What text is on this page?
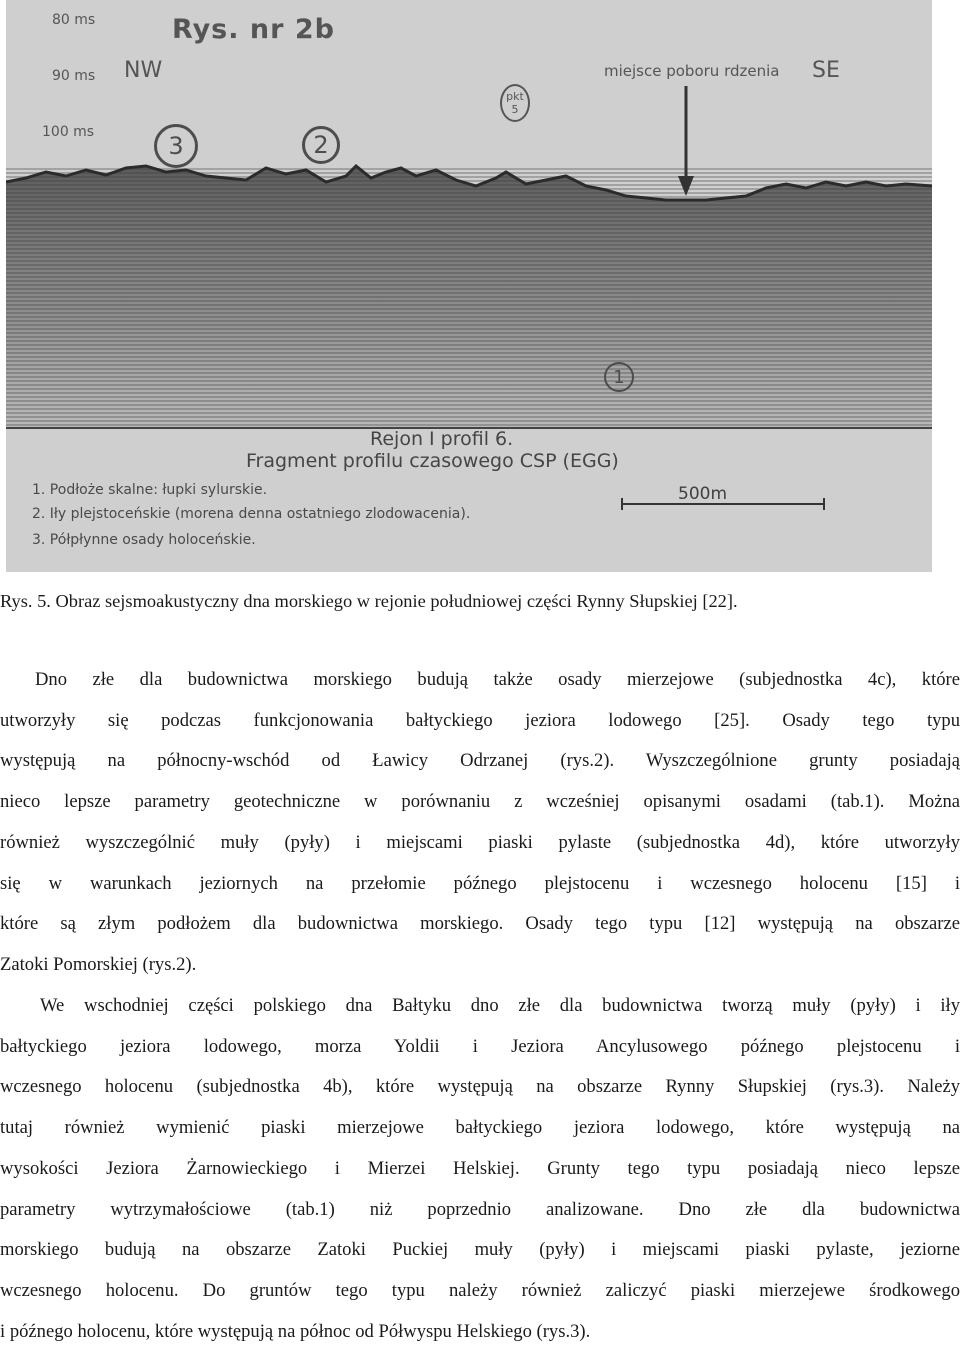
80 ms
90 ms
100 ms
Rys. nr 2b
NW	SE
miejsce poboru rdzenia
pkt
5
3	2
1
Rejon I profil 6.
Fragment profilu czasowego CSP (EGG)
500m
1. Podłoże skalne: łupki sylurskie.
2. Iły plejstoceńskie (morena denna ostatniego zlodowacenia).
3. Półpłynne osady holoceńskie.
Rys. 5. Obraz sejsmoakustyczny dna morskiego w rejonie południowej części Rynny Słupskiej [22].

Dno złe dla budownictwa morskiego budują także osady mierzejowe (subjednostka 4c), które
utworzyły się podczas funkcjonowania bałtyckiego jeziora lodowego [25]. Osady tego typu
występują na północny-wschód od Ławicy Odrzanej (rys.2). Wyszczególnione grunty posiadają
nieco lepsze parametry geotechniczne w porównaniu z wcześniej opisanymi osadami (tab.1). Można
również wyszczególnić muły (pyły) i miejscami piaski pylaste (subjednostka 4d), które utworzyły
się w warunkach jeziornych na przełomie późnego plejstocenu i wczesnego holocenu [15] i
które są złym podłożem dla budownictwa morskiego. Osady tego typu [12] występują na obszarze
Zatoki Pomorskiej (rys.2).

We wschodniej części polskiego dna Bałtyku dno złe dla budownictwa tworzą muły (pyły) i iły
bałtyckiego jeziora lodowego, morza Yoldii i Jeziora Ancylusowego późnego plejstocenu i
wczesnego holocenu (subjednostka 4b), które występują na obszarze Rynny Słupskiej (rys.3). Należy
tutaj również wymienić piaski mierzejowe bałtyckiego jeziora lodowego, które występują na
wysokości Jeziora Żarnowieckiego i Mierzei Helskiej. Grunty tego typu posiadają nieco lepsze
parametry wytrzymałościowe (tab.1) niż poprzednio analizowane. Dno złe dla budownictwa
morskiego budują na obszarze Zatoki Puckiej muły (pyły) i miejscami piaski pylaste, jeziorne
wczesnego holocenu. Do gruntów tego typu należy również zaliczyć piaski mierzejewe środkowego
i późnego holocenu, które występują na północ od Półwyspu Helskiego (rys.3).
